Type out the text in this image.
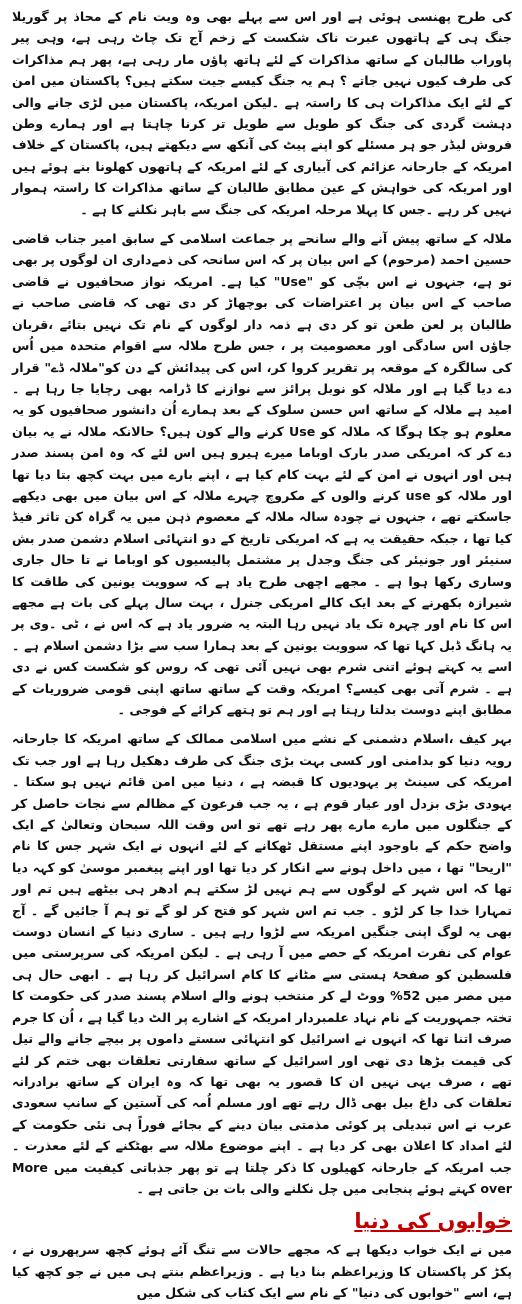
کی طرح پھنسی ہوئی ہے اور اس سے پہلے بھی وہ ویت نام کے محاذ پر گوریلا جنگ ہی کے ہاتھوں عبرت ناک شکست کے زخم آج تک چاٹ رہی ہے، وہی پیر پاوراب طالبان کے ساتھ مذاکرات کے لئے ہاتھ پاؤں مار رہی ہے، پھر ہم مذاکرات کی طرف کیوں نہیں جاتے ؟ ہم یہ جنگ کیسے جیت سکتے ہیں؟ پاکستان میں امن کے لئے ایک مذاکرات ہی کا راستہ ہے ۔لیکن امریکہ، پاکستان میں لڑی جانے والی دہشت گردی کی جنگ کو طویل سے طویل تر کرنا چاہتا ہے اور ہمارے وطن فروش لیڈر جو ہر مسئلے کو اپنے پیٹ کی آنکھ سے دیکھتے ہیں، پاکستان کے خلاف امریکہ کے جارحانہ عزائم کی آبیاری کے لئے امریکہ کے ہاتھوں کھلونا بنے ہوئے ہیں اور امریکہ کی خواہش کے عین مطابق طالبان کے ساتھ مذاکرات کا راستہ ہموار نہیں کر رہے ۔جس کا پہلا مرحلہ امریکہ کی جنگ سے باہر نکلنے کا ہے ۔

ملالہ کے ساتھ پیش آنے والے سانحے پر جماعت اسلامی کے سابق امیر جناب قاضی حسین احمد (مرحوم) کے اس بیان پر کہ اس سانحہ کی ذمےداری ان لوگوں پر بھی تو ہے، جنہوں نے اس بچّی کو "Use" کیا ہے۔ امریکہ نواز صحافیوں نے قاضی صاحب کے اس بیان پر اعتراضات کی بوچھاڑ کر دی تھی کہ قاضی صاحب نے طالبان پر لعن طعن تو کر دی ہے ذمہ دار لوگوں کے نام تک نہیں بتائے ،قربان جاؤں اس سادگی اور معصومیت پر ، جس طرح ملالہ سے اقوام متحدہ میں اُس کی سالگرہ کے موقعہ پر تقریر کروا کر، اس کی پیدائش کے دن کو"ملالہ ڈے" قرار دے دیا گیا ہے اور ملالہ کو نوبل پرائز سے نوازنے کا ڈرامہ بھی رچایا جا رہا ہے ۔ امید ہے ملالہ کے ساتھ اس حسن سلوک کے بعد ہمارے اُن دانشور صحافیوں کو یہ معلوم ہو چکا ہوگا کہ ملالہ کو Use کرنے والے کون ہیں؟ حالانکہ ملالہ نے یہ بیان دے کر کہ امریکی صدر بارک اوباما میرے ہیرو ہیں اس لئے کہ وہ امن پسند صدر ہیں اور انہوں نے امن کے لئے بہت کام کیا ہے ، اپنے بارے میں بہت کچھ بتا دیا تھا اور ملالہ کو use کرنے والوں کے مکروچ چہرے ملالہ کے اس بیان میں بھی دیکھے جاسکتے تھے ، جنہوں نے چودہ سالہ ملالہ کے معصوم ذہن میں یہ گراہ کن تاثر فیڈ کیا تھا ، جبکہ حقیقت یہ ہے کہ امریکی تاریخ کے دو انتہائی اسلام دشمن صدر بش سنیئر اور جونیئر کی جنگ وجدل پر مشتمل پالیسیوں کو اوباما نے تا حال جاری وساری رکھا ہوا ہے ۔ مجھے اچھی طرح یاد ہے کہ سوویت یونین کی طاقت کا شیرازہ بکھرنے کے بعد ایک کالے امریکی جنرل ، بہت سال پہلے کی بات ہے مجھے اس کا نام اور چہرہ تک یاد نہیں رہا البتہ یہ ضرور یاد ہے کہ اس نے ، ٹی ۔وی پر یہ ہانگ ڈبل کہا تھا کہ سوویت یونین کے بعد ہمارا سب سے بڑا دشمن اسلام ہے ۔ اسے یہ کہتے ہوئے اتنی شرم بھی نہیں آئی تھی کہ روس کو شکست کس نے دی ہے ۔ شرم آتی بھی کیسے؟ امریکہ وقت کے ساتھ ساتھ اپنی قومی ضروریات کے مطابق اپنے دوست بدلتا رہتا ہے اور ہم تو ہتھے کرائے کے فوجی ۔

بہر کیف ،اسلام دشمنی کے نشے میں اسلامی ممالک کے ساتھ امریکہ کا جارحانہ رویہ دنیا کو بدامنی اور کسی بہت بڑی جنگ کی طرف دھکیل رہا ہے اور جب تک امریکہ کی سینٹ پر یہودیوں کا قبضہ ہے ، دنیا میں امن قائم نہیں ہو سکتا ۔یہودی بڑی بزدل اور عیار قوم ہے ، یہ جب فرعون کے مظالم سے نجات حاصل کر کے جنگلوں میں مارے مارے پھر رہے تھے تو اس وقت اللہ سبحان وتعالیٰ کے ایک واضح حکم کے باوجود اپنے مستقل ٹھکانے کے لئے انہوں نے ایک شہر جس کا نام "اریحا" تھا ، میں داخل ہونے سے انکار کر دیا تھا اور اپنے پیغمبر موسیٰ کو کہہ دیا تھا کہ اس شہر کے لوگوں سے ہم نہیں لڑ سکتے ہم ادھر ہی بیٹھے ہیں تم اور تمہارا خدا جا کر لڑو ۔ جب تم اس شہر کو فتح کر لو گے تو ہم آ جائیں گے ۔ آج بھی یہ لوگ اپنی جنگیں امریکہ سے لڑوا رہے ہیں ۔ ساری دنیا کے انسان دوست عوام کی نفرت امریکہ کے حصے میں آ رہی ہے ۔ لیکن امریکہ کی سرپرستی میں فلسطین کو صفحۂ ہستی سے مٹانے کا کام اسرائیل کر رہا ہے ۔ ابھی حال ہی میں مصر میں 52% ووٹ لے کر منتخب ہونے والے اسلام پسند صدر کی حکومت کا تختہ جمہوریت کے نام نہاد علمبردار امریکہ کے اشارے پر الٹ دیا گیا ہے ، اُن کا جرم صرف اتنا تھا کہ انہوں نے اسرائیل کو انتہائی سستے داموں پر بیچے جانے والے تیل کی قیمت بڑھا دی تھی اور اسرائیل کے ساتھ سفارتی تعلقات بھی ختم کر لئے تھے ، صرف یہی نہیں ان کا قصور یہ بھی تھا کہ وہ ایران کے ساتھ برادرانہ تعلقات کی داغ بیل بھی ڈال رہے تھے اور مسلم اُمہ کی آستین کے سانپ سعودی عرب نے اس تبدیلی پر کوئی مذمتی بیان دینے کے بجائے فوراً ہی نئی حکومت کے لئے امداد کا اعلان بھی کر دیا ہے ۔ اپنے موضوع ملالہ سے بھٹکنے کے لئے معذرت ۔ جب امریکہ کے جارحانہ کھیلوں کا ذکر چلتا ہے تو پھر جذباتی کیفیت میں More over کہتے ہوئے پنجابی میں چل نکلنے والی بات بن جاتی ہے ۔

خوابوں کی دنیا

میں نے ایک خواب دیکھا ہے کہ مجھے حالات سے تنگ آئے ہوئے کچھ سرپھروں نے ، پکڑ کر پاکستان کا وزیراعظم بنا دیا ہے ۔ وزیراعظم بنتے ہی میں نے جو کچھ کیا ہے، اسے "خوابوں کی دنیا" کے نام سے ایک کتاب کی شکل میں
